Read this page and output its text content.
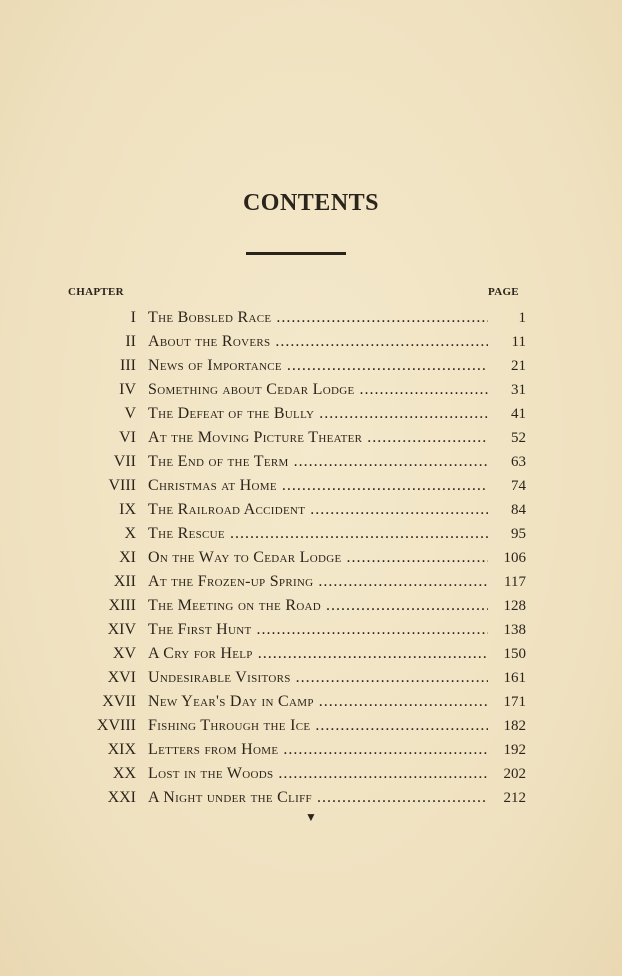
CONTENTS
CHAPTER	PAGE
I The Bobsled Race .....	1
II About the Rovers .....	11
III News of Importance .....	21
IV Something about Cedar Lodge .....	31
V The Defeat of the Bully .....	41
VI At the Moving Picture Theater .....	52
VII The End of the Term .....	63
VIII Christmas at Home .....	74
IX The Railroad Accident .....	84
X The Rescue .....	95
XI On the Way to Cedar Lodge .....	106
XII At the Frozen-up Spring .....	117
XIII The Meeting on the Road .....	128
XIV The First Hunt .....	138
XV A Cry for Help .....	150
XVI Undesirable Visitors .....	161
XVII New Year's Day in Camp .....	171
XVIII Fishing Through the Ice .....	182
XIX Letters from Home .....	192
XX Lost in the Woods .....	202
XXI A Night under the Cliff .....	212
▼
